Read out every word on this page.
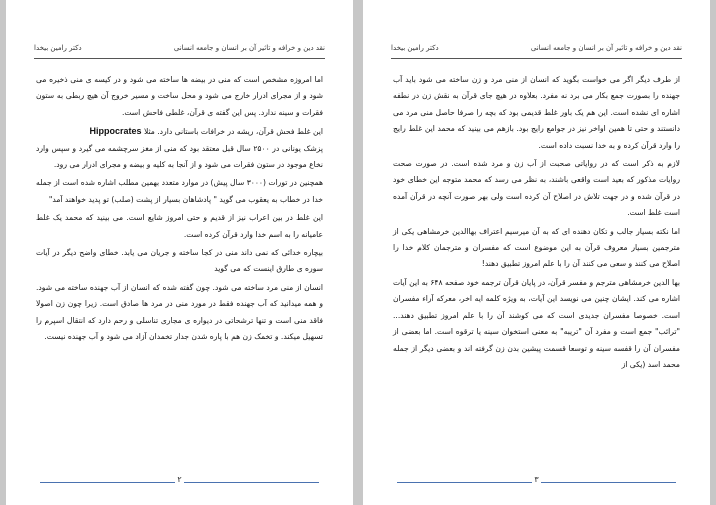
نقد دین و خرافه و تاثیر آن بر انسان و جامعه انسانی
دکتر رامین بیخدا

اما امروزه مشخص است که منی در بیضه ها ساخته می شود و در کیسه ی منی ذخیره می شود و از مجرای ادرار خارج می شود و محل ساخت و مسیر خروج آن هیچ ربطی به ستون فقرات و سینه ندارد. پس این گفته ی قرآن، غلطی فاحش است.

این غلط فحش قرآن، ریشه در خرافات باستانی دارد. مثلا Hippocrates
پزشک یونانی در ۲۵۰۰ سال قبل معتقد بود که منی از مغز سرچشمه می گیرد و سپس وارد نخاع موجود در ستون فقرات می شود و از آنجا به کلیه و بیضه و مجرای ادرار می رود.

همچنین در تورات (۳۰۰۰ سال پیش) در موارد متعدد بهمین مطلب اشاره شده است از جمله خدا در خطاب به یعقوب می گوید " پادشاهان بسیار از پشت (صلب) تو پدید خواهند آمد"

این غلط در بین اعراب نیز از قدیم و حتی امروز شایع است. می بینید که محمد یک غلط عامیانه را به اسم خدا وارد قرآن کرده است.

بیچاره خدائی که نمی داند منی در کجا ساخته و جریان می یابد. خطای واضح دیگر در آیات سوره ی طارق اینست که می گوید

انسان از منی مرد ساخته می شود. چون گفته شده که انسان از آب جهنده ساخته می شود. و همه میدانید که آب جهنده فقط در مورد منی در مرد ها صادق است. زیرا چون زن اصولا فاقد منی است و تنها ترشحاتی در دیواره ی مجاری تناسلی و رحم دارد که انتقال اسپرم را تسهیل میکند. و تخمک زن هم با پاره شدن جدار تخمدان آزاد می شود و آب جهنده نیست.

۲
نقد دین و خرافه و تاثیر آن بر انسان و جامعه انسانی
دکتر رامین بیخدا

از طرف دیگر اگر می خواست بگوید که انسان از منی مرد و زن ساخته می شود باید آب جهنده را بصورت جمع بکار می برد نه مفرد. بعلاوه در هیچ جای قرآن به نقش زن در نطفه اشاره ای نشده است. این هم یک باور غلط قدیمی بود که بچه را صرفا حاصل منی مرد می دانستند و حتی تا همین اواخر نیز در جوامع رایج بود. بازهم می بینید که محمد این غلط رایج را وارد قرآن کرده و به خدا نسبت داده است.

لازم به ذکر است که در روایاتی صحبت از آب زن و مرد شده است. در صورت صحت روایات مذکور که بعید است واقعی باشند، به نظر می رسد که محمد متوجه این خطای خود در قرآن شده و در جهت تلاش در اصلاح آن کرده است ولی بهر صورت آنچه در قرآن آمده است غلط است.

اما نکته بسیار جالب و تکان دهنده ای که به آن میرسیم اعتراف بهاالدین خرمشاهی یکی از مترجمین بسیار معروف قرآن به این موضوع است که مفسران و مترجمان کلام خدا را اصلاح می کنند و سعی می کنند آن را با علم امروز تطبیق دهند!

بها الدین خرمشاهی مترجم و مفسر قرآن، در پایان قرآن ترجمه خود صفحه ۶۴۸ به این آیات اشاره می کند. ایشان چنین می نویسد این آیات، به ویژه کلمه ایه اخر، معرکه آراء مفسران است. خصوصا مفسران جدیدی است که می کوشند آن را با علم امروز تطبیق دهند... "ترائب" جمع است و مفرد آن "تریبه" به معنی استخوان سینه یا ترقوه است. اما بعضی از مفسران آن را قفسه سینه و توسعا قسمت پیشین بدن زن گرفته اند و بعضی دیگر از جمله محمد اسد (یکی از

۳
